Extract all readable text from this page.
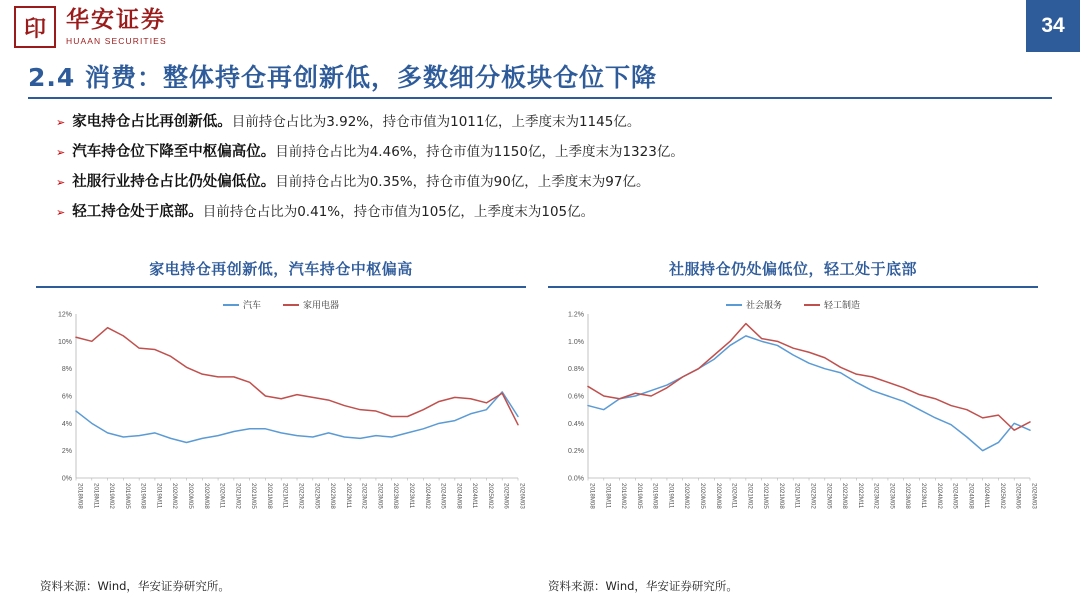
印 华安证券
HUAAN SECURITIES
34
2.4 消费：整体持仓再创新低，多数细分板块仓位下降
➢ 家电持仓占比再创新低。目前持仓占比为3.92%，持仓市值为1011亿，上季度末为1145亿。
➢ 汽车持仓位下降至中枢偏高位。目前持仓占比为4.46%，持仓市值为1150亿，上季度末为1323亿。
➢ 社服行业持仓占比仍处偏低位。目前持仓占比为0.35%，持仓市值为90亿，上季度末为97亿。
➢ 轻工持仓处于底部。目前持仓占比为0.41%，持仓市值为105亿，上季度末为105亿。
家电持仓再创新低，汽车持仓中枢偏高
汽车	家用电器
0%
2%
4%
6%
8%
10%
12%
2018M08 2018M11 2019M02 2019M05 2019M08 2019M11 2020M02 2020M05 2020M08 2020M11 2021M02 2021M05 2021M08 2021M11 2022M02 2022M05 2022M08 2022M11 2023M02 2023M05 2023M08 2023M11 2024M02 2024M05 2024M08 2024M11 2025M02 2025M06 2026M03
社服持仓仍处偏低位，轻工处于底部
社会服务	轻工制造
0.0%
0.2%
0.4%
0.6%
0.8%
1.0%
1.2%
2018M08 2018M11 2019M02 2019M05 2019M08 2019M11 2020M02 2020M05 2020M08 2020M11 2021M02 2021M05 2021M08 2021M11 2022M02 2022M05 2022M08 2022M11 2023M02 2023M05 2023M08 2023M11 2024M02 2024M05 2024M08 2024M11 2025M02 2025M06 2026M03
资料来源：Wind，华安证券研究所。	资料来源：Wind，华安证券研究所。
